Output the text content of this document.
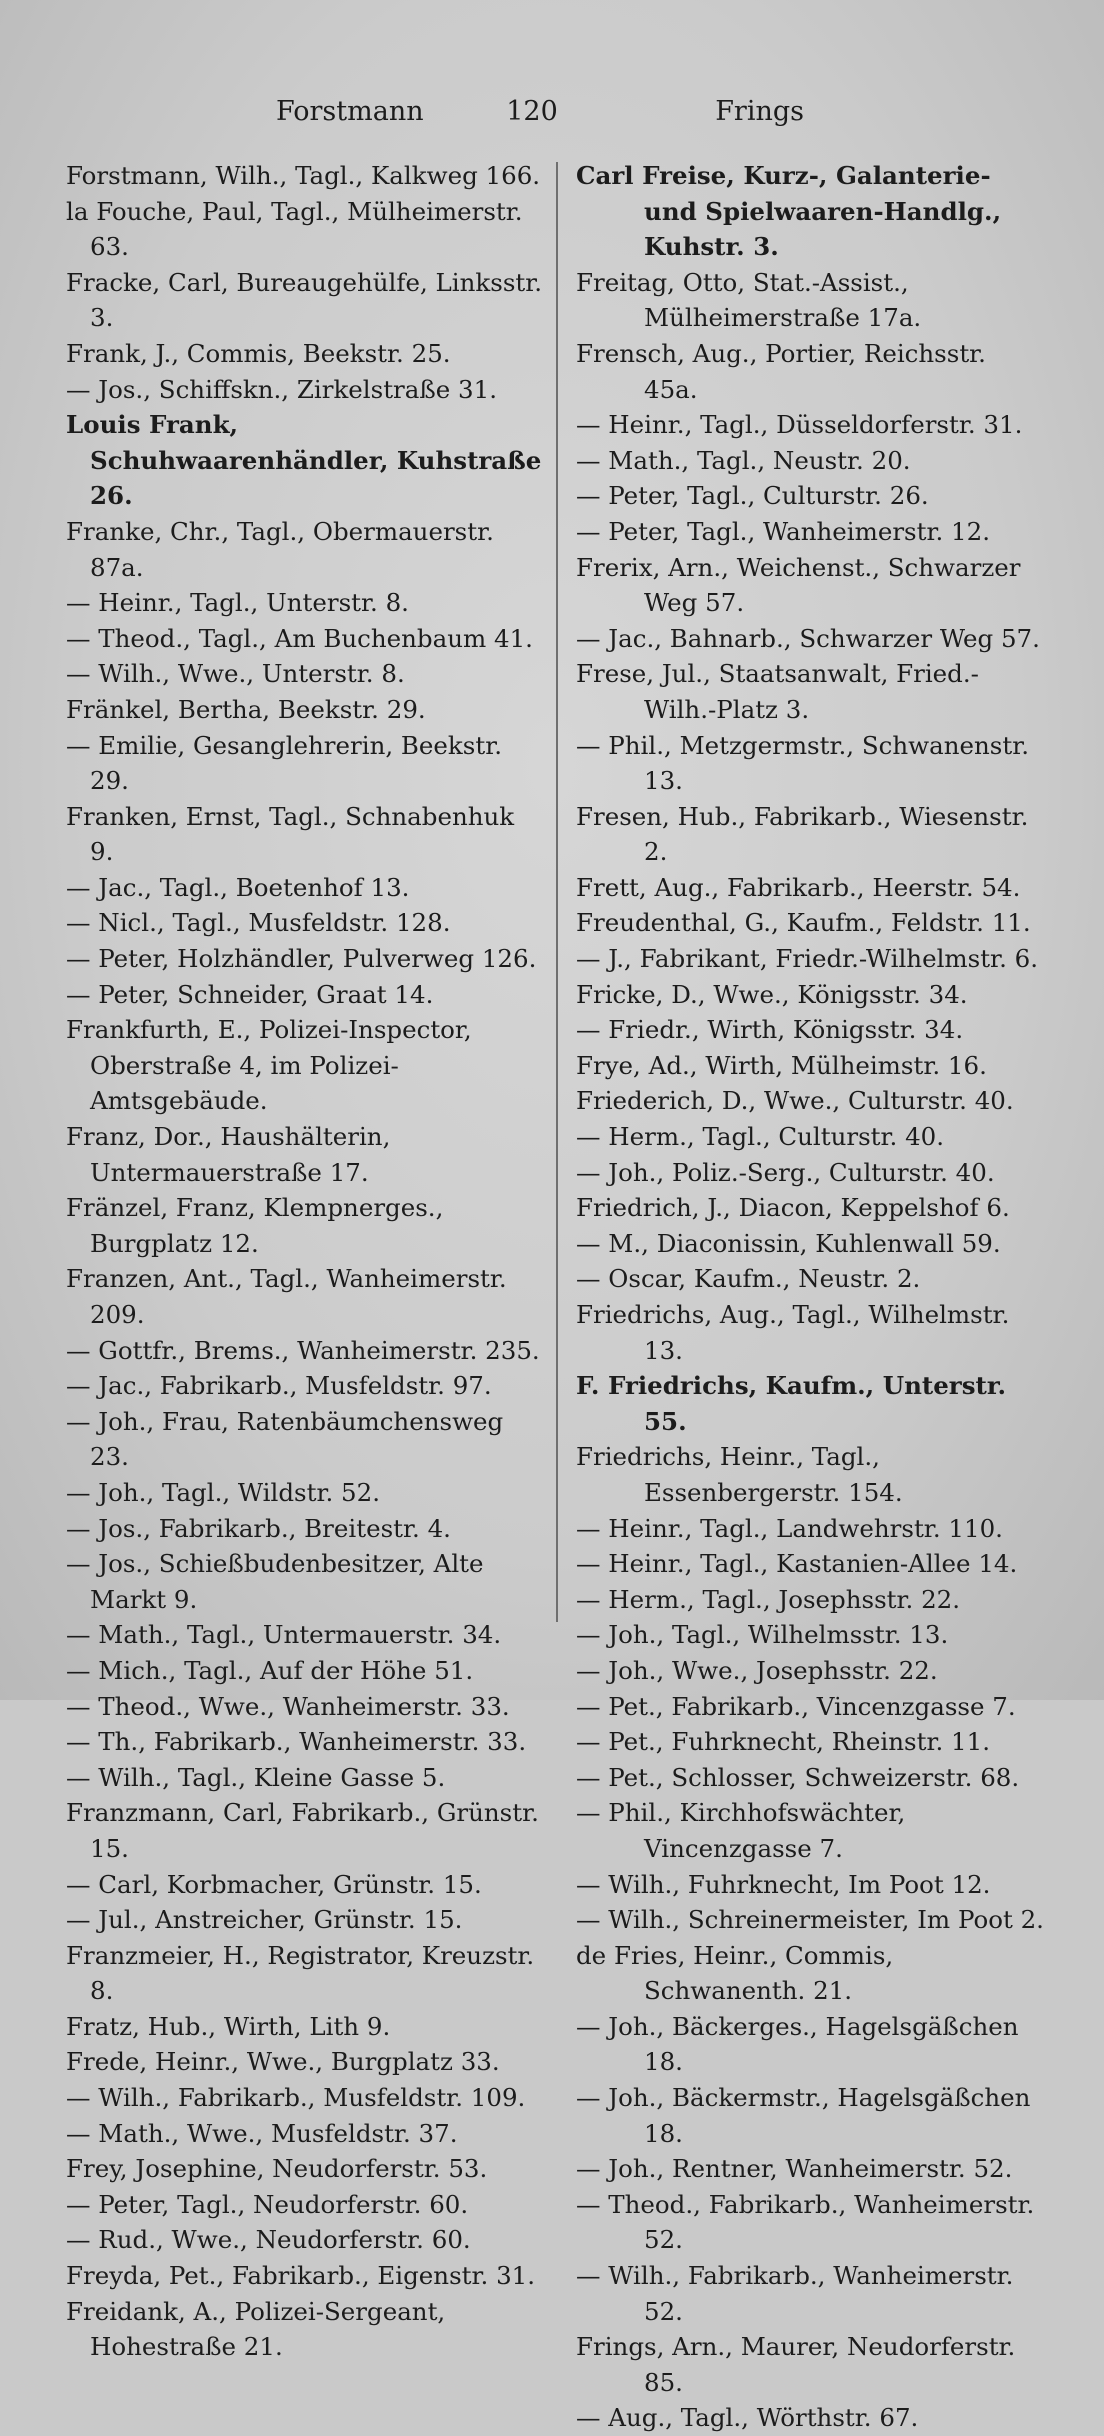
Forstmann	120	Frings
Forstmann, Wilh., Tagl., Kalkweg 166.
la Fouche, Paul, Tagl., Mülheimerstr. 63.
Fracke, Carl, Bureaugehülfe, Linksstr. 3.
Frank, J., Commis, Beekstr. 25.
— Jos., Schiffskn., Zirkelstraße 31.
Louis Frank, Schuhwaarenhändler, Kuhstraße 26.
Franke, Chr., Tagl., Obermauerstr. 87a.
— Heinr., Tagl., Unterstr. 8.
— Theod., Tagl., Am Buchenbaum 41.
— Wilh., Wwe., Unterstr. 8.
Fränkel, Bertha, Beekstr. 29.
— Emilie, Gesanglehrerin, Beekstr. 29.
Franken, Ernst, Tagl., Schnabenhuk 9.
— Jac., Tagl., Boetenhof 13.
— Nicl., Tagl., Musfeldstr. 128.
— Peter, Holzhändler, Pulverweg 126.
— Peter, Schneider, Graat 14.
Frankfurth, E., Polizei-Inspector, Oberstraße 4, im Polizei-Amtsgebäude.
Franz, Dor., Haushälterin, Untermauerstraße 17.
Fränzel, Franz, Klempnerges., Burgplatz 12.
Franzen, Ant., Tagl., Wanheimerstr. 209.
— Gottfr., Brems., Wanheimerstr. 235.
— Jac., Fabrikarb., Musfeldstr. 97.
— Joh., Frau, Ratenbäumchensweg 23.
— Joh., Tagl., Wildstr. 52.
— Jos., Fabrikarb., Breitestr. 4.
— Jos., Schießbudenbesitzer, Alte Markt 9.
— Math., Tagl., Untermauerstr. 34.
— Mich., Tagl., Auf der Höhe 51.
— Theod., Wwe., Wanheimerstr. 33.
— Th., Fabrikarb., Wanheimerstr. 33.
— Wilh., Tagl., Kleine Gasse 5.
Franzmann, Carl, Fabrikarb., Grünstr. 15.
— Carl, Korbmacher, Grünstr. 15.
— Jul., Anstreicher, Grünstr. 15.
Franzmeier, H., Registrator, Kreuzstr. 8.
Fratz, Hub., Wirth, Lith 9.
Frede, Heinr., Wwe., Burgplatz 33.
— Wilh., Fabrikarb., Musfeldstr. 109.
— Math., Wwe., Musfeldstr. 37.
Frey, Josephine, Neudorferstr. 53.
— Peter, Tagl., Neudorferstr. 60.
— Rud., Wwe., Neudorferstr. 60.
Freyda, Pet., Fabrikarb., Eigenstr. 31.
Freidank, A., Polizei-Sergeant, Hohestraße 21.
Carl Freise, Kurz-, Galanterie- und Spielwaaren-Handlg., Kuhstr. 3.
Freitag, Otto, Stat.-Assist., Mülheimerstraße 17a.
Frensch, Aug., Portier, Reichsstr. 45a.
— Heinr., Tagl., Düsseldorferstr. 31.
— Math., Tagl., Neustr. 20.
— Peter, Tagl., Culturstr. 26.
— Peter, Tagl., Wanheimerstr. 12.
Frerix, Arn., Weichenst., Schwarzer Weg 57.
— Jac., Bahnarb., Schwarzer Weg 57.
Frese, Jul., Staatsanwalt, Fried.-Wilh.-Platz 3.
— Phil., Metzgermstr., Schwanenstr. 13.
Fresen, Hub., Fabrikarb., Wiesenstr. 2.
Frett, Aug., Fabrikarb., Heerstr. 54.
Freudenthal, G., Kaufm., Feldstr. 11.
— J., Fabrikant, Friedr.-Wilhelmstr. 6.
Fricke, D., Wwe., Königsstr. 34.
— Friedr., Wirth, Königsstr. 34.
Frye, Ad., Wirth, Mülheimstr. 16.
Friederich, D., Wwe., Culturstr. 40.
— Herm., Tagl., Culturstr. 40.
— Joh., Poliz.-Serg., Culturstr. 40.
Friedrich, J., Diacon, Keppelshof 6.
— M., Diaconissin, Kuhlenwall 59.
— Oscar, Kaufm., Neustr. 2.
Friedrichs, Aug., Tagl., Wilhelmstr. 13.
F. Friedrichs, Kaufm., Unterstr. 55.
Friedrichs, Heinr., Tagl., Essenbergerstr. 154.
— Heinr., Tagl., Landwehrstr. 110.
— Heinr., Tagl., Kastanien-Allee 14.
— Herm., Tagl., Josephsstr. 22.
— Joh., Tagl., Wilhelmsstr. 13.
— Joh., Wwe., Josephsstr. 22.
— Pet., Fabrikarb., Vincenzgasse 7.
— Pet., Fuhrknecht, Rheinstr. 11.
— Pet., Schlosser, Schweizerstr. 68.
— Phil., Kirchhofswächter, Vincenzgasse 7.
— Wilh., Fuhrknecht, Im Poot 12.
— Wilh., Schreinermeister, Im Poot 2.
de Fries, Heinr., Commis, Schwanenth. 21.
— Joh., Bäckerges., Hagelsgäßchen 18.
— Joh., Bäckermstr., Hagelsgäßchen 18.
— Joh., Rentner, Wanheimerstr. 52.
— Theod., Fabrikarb., Wanheimerstr. 52.
— Wilh., Fabrikarb., Wanheimerstr. 52.
Frings, Arn., Maurer, Neudorferstr. 85.
— Aug., Tagl., Wörthstr. 67.
